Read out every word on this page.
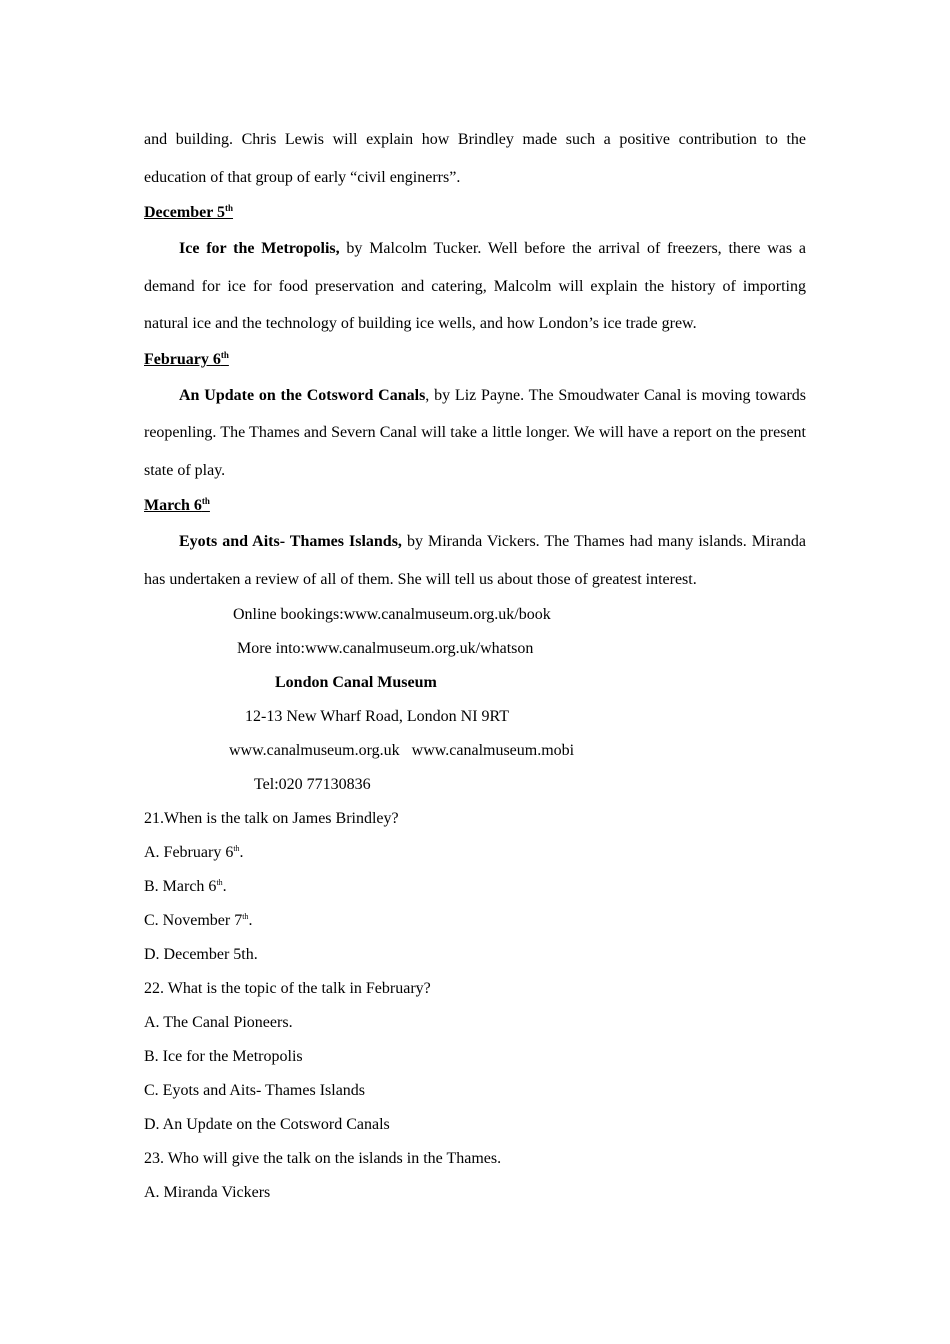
and building. Chris Lewis will explain how Brindley made such a positive contribution to the education of that group of early “civil enginerrs”.

December 5th

Ice for the Metropolis, by Malcolm Tucker. Well before the arrival of freezers, there was a demand for ice for food preservation and catering, Malcolm will explain the history of importing natural ice and the technology of building ice wells, and how London’s ice trade grew.

February 6th

An Update on the Cotsword Canals, by Liz Payne. The Smoudwater Canal is moving towards reopenling. The Thames and Severn Canal will take a little longer. We will have a report on the present state of play.

March 6th

Eyots and Aits- Thames Islands, by Miranda Vickers. The Thames had many islands. Miranda has undertaken a review of all of them. She will tell us about those of greatest interest.

Online bookings:www.canalmuseum.org.uk/book

More into:www.canalmuseum.org.uk/whatson

London Canal Museum

12-13 New Wharf Road, London NI 9RT

www.canalmuseum.org.uk   www.canalmuseum.mobi

Tel:020 77130836

21.When is the talk on James Brindley?

A. February 6th.

B. March 6th.

C. November 7th.

D. December 5th.

22. What is the topic of the talk in February?

A. The Canal Pioneers.

B. Ice for the Metropolis

C. Eyots and Aits- Thames Islands

D. An Update on the Cotsword Canals

23. Who will give the talk on the islands in the Thames.

A. Miranda Vickers
